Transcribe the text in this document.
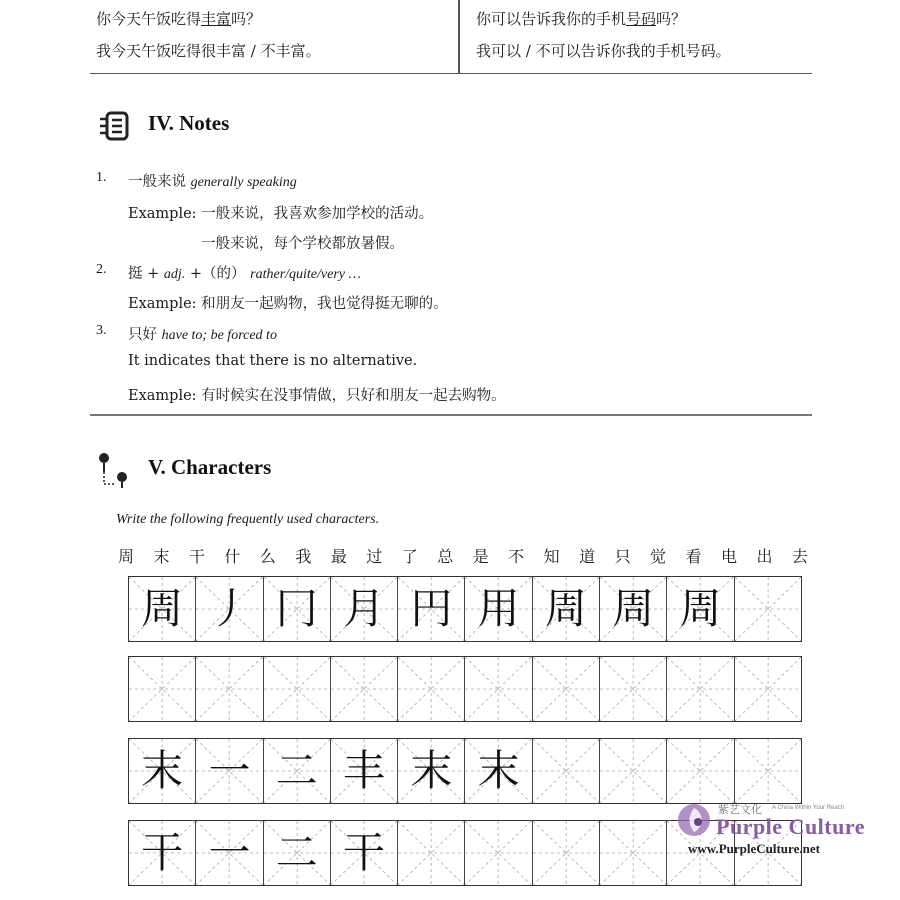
你今天午饭吃得丰富吗？
我今天午饭吃得很丰富 / 不丰富。
你可以告诉我你的手机号码吗？
我可以 / 不可以告诉你我的手机号码。
IV. Notes
1. 一般来说 generally speaking
Example: 一般来说，我喜欢参加学校的活动。
一般来说，每个学校都放暑假。
2. 挺 + adj. +（的） rather/quite/very …
Example: 和朋友一起购物，我也觉得挺无聊的。
3. 只好 have to; be forced to
It indicates that there is no alternative.
Example: 有时候实在没事情做，只好和朋友一起去购物。
V. Characters
Write the following frequently used characters.
周 末 干 什 么 我 最 过 了 总 是 不 知 道 只 觉 看 电 出 去
周 丿 冂 月 円 用 周 周 周
末 一 二 丰 末 末
干 一 二 干
紫艺文化 A China Within Your Reach
Purple Culture
www.PurpleCulture.net
